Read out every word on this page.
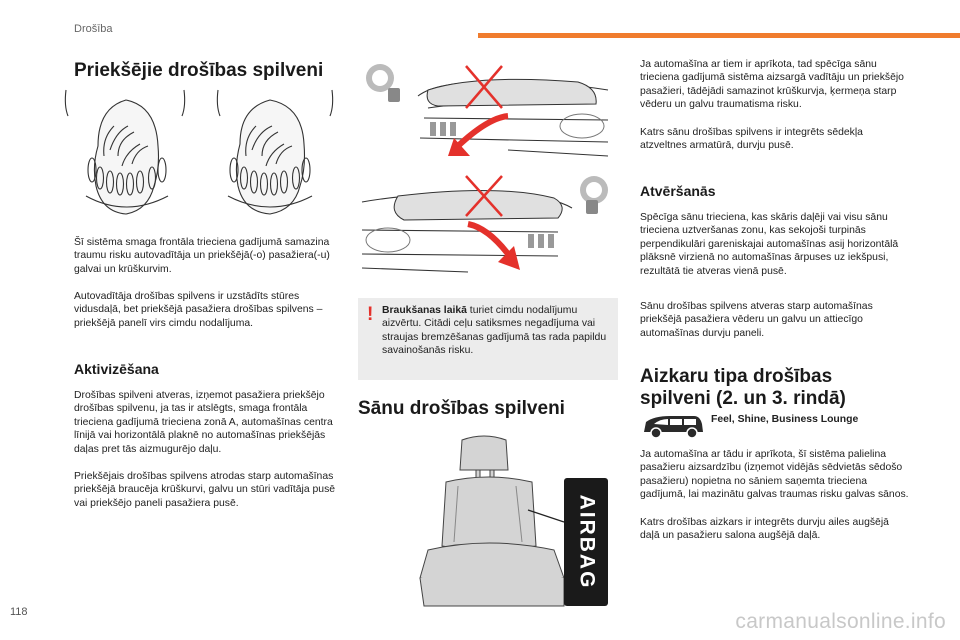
Drošība
118	carmanualsonline.info
Priekšējie drošības spilveni

Šī sistēma smaga frontāla trieciena gadījumā samazina traumu risku autovadītāja un priekšējā(-o) pasažiera(-u) galvai un krūškurvim.

Autovadītāja drošības spilvens ir uzstādīts stūres vidusdaļā, bet priekšējā pasažiera drošības spilvens – priekšējā panelī virs cimdu nodalījuma.

Aktivizēšana

Drošības spilveni atveras, izņemot pasažiera priekšējo drošības spilvenu, ja tas ir atslēgts, smaga frontāla trieciena gadījumā trieciena zonā A, automašīnas centra līnijā vai horizontālā plaknē no automašīnas priekšējās daļas pret tās aizmugurējo daļu.

Priekšējais drošības spilvens atrodas starp automašīnas priekšējā braucēja krūškurvi, galvu un stūri vadītāja pusē vai priekšējo paneli pasažiera pusē.

! Braukšanas laikā turiet cimdu nodalījumu aizvērtu. Citādi ceļu satiksmes negadījuma vai straujas bremzēšanas gadījumā tas rada papildu savainošanās risku.

Sānu drošības spilveni
AIRBAG

Ja automašīna ar tiem ir aprīkota, tad spēcīga sānu trieciena gadījumā sistēma aizsargā vadītāju un priekšējo pasažieri, tādējādi samazinot krūškurvja, ķermeņa starp vēderu un galvu traumatisma risku.

Katrs sānu drošības spilvens ir integrēts sēdekļa atzveltnes armatūrā, durvju pusē.

Atvēršanās

Spēcīga sānu trieciena, kas skāris daļēji vai visu sānu trieciena uztveršanas zonu, kas sekojoši turpinās perpendikulāri gareniskajai automašīnas asij horizontālā plāksnē virzienā no automašīnas ārpuses uz iekšpusi, rezultātā tie atveras vienā pusē.

Sānu drošības spilvens atveras starp automašīnas priekšējā pasažiera vēderu un galvu un attiecīgo automašīnas durvju paneli.

Aizkaru tipa drošības
spilveni (2. un 3. rindā)
Feel, Shine, Business Lounge

Ja automašīna ar tādu ir aprīkota, šī sistēma palielina pasažieru aizsardzību (izņemot vidējās sēdvietās sēdošo pasažieru) nopietna no sāniem saņemta trieciena gadījumā, lai mazinātu galvas traumas risku galvas sānos.

Katrs drošības aizkars ir integrēts durvju ailes augšējā daļā un pasažieru salona augšējā daļā.
